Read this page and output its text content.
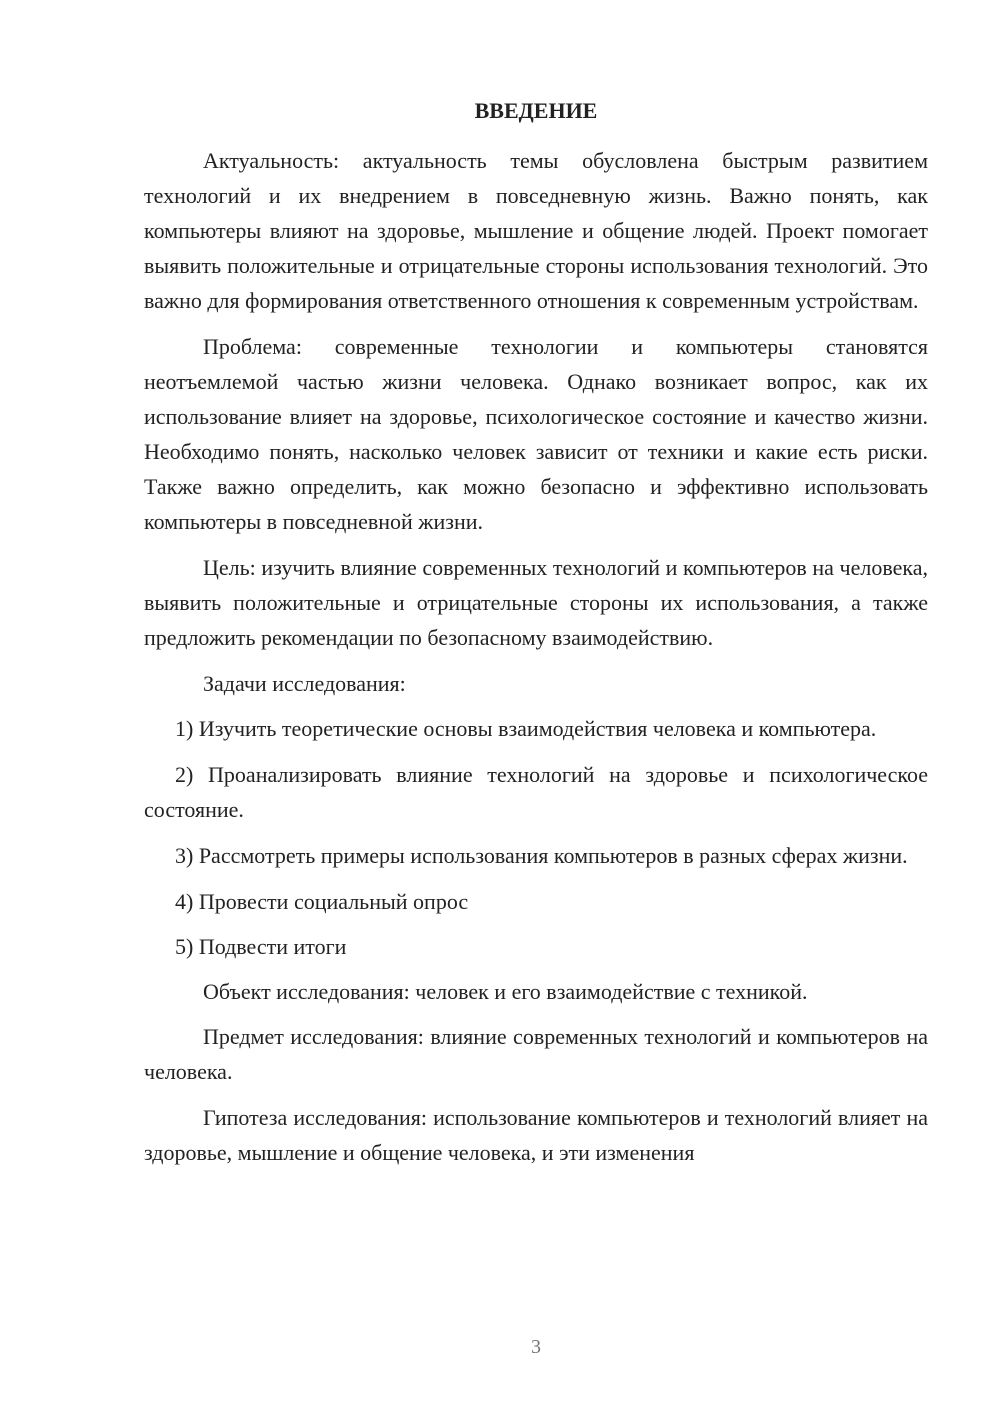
ВВЕДЕНИЕ

Актуальность: актуальность темы обусловлена быстрым развитием технологий и их внедрением в повседневную жизнь. Важно понять, как компьютеры влияют на здоровье, мышление и общение людей. Проект помогает выявить положительные и отрицательные стороны использования технологий. Это важно для формирования ответственного отношения к современным устройствам.

Проблема: современные технологии и компьютеры становятся неотъемлемой частью жизни человека. Однако возникает вопрос, как их использование влияет на здоровье, психологическое состояние и качество жизни. Необходимо понять, насколько человек зависит от техники и какие есть риски. Также важно определить, как можно безопасно и эффективно использовать компьютеры в повседневной жизни.

Цель: изучить влияние современных технологий и компьютеров на человека, выявить положительные и отрицательные стороны их использования, а также предложить рекомендации по безопасному взаимодействию.

Задачи исследования:

1) Изучить теоретические основы взаимодействия человека и компьютера.

2) Проанализировать влияние технологий на здоровье и психологическое состояние.

3) Рассмотреть примеры использования компьютеров в разных сферах жизни.

4) Провести социальный опрос

5) Подвести итоги

Объект исследования: человек и его взаимодействие с техникой.

Предмет исследования: влияние современных технологий и компьютеров на человека.

Гипотеза исследования: использование компьютеров и технологий влияет на здоровье, мышление и общение человека, и эти изменения

3
